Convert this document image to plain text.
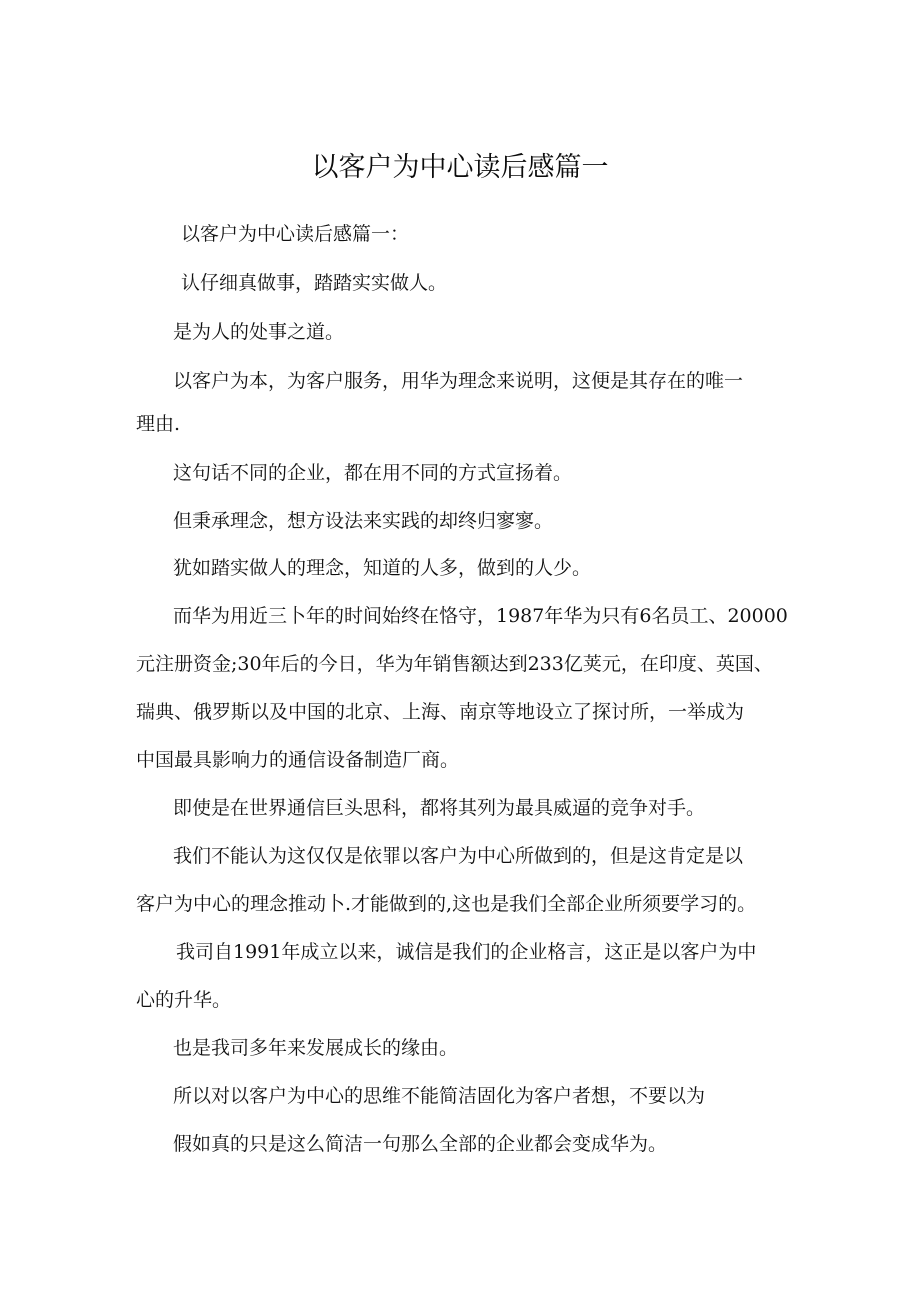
以客户为中心读后感篇一
以客户为中心读后感篇一：
认仔细真做事，踏踏实实做人。
是为人的处事之道。
以客户为本，为客户服务，用华为理念来说明，这便是其存在的唯一
理由.
这句话不同的企业，都在用不同的方式宣扬着。
但秉承理念，想方设法来实践的却终归寥寥。
犹如踏实做人的理念，知道的人多，做到的人少。
而华为用近三卜年的时间始终在恪守，1987年华为只有6名员工、20000
元注册资金;30年后的今日，华为年销售额达到233亿荚元，在印度、英国、
瑞典、俄罗斯以及中国的北京、上海、南京等地设立了探讨所，一举成为
中国最具影响力的通信设备制造厂商。
即使是在世界通信巨头思科，都将其列为最具威逼的竞争对手。
我们不能认为这仅仅是依罪以客户为中心所做到的，但是这肯定是以
客户为中心的理念推动卜.才能做到的,这也是我们全部企业所须要学习的。
我司自1991年成立以来，诚信是我们的企业格言，这正是以客户为中
心的升华。
也是我司多年来发展成长的缘由。
所以对以客户为中心的思维不能简洁固化为客户者想，不要以为
假如真的只是这么简洁一句那么全部的企业都会变成华为。
